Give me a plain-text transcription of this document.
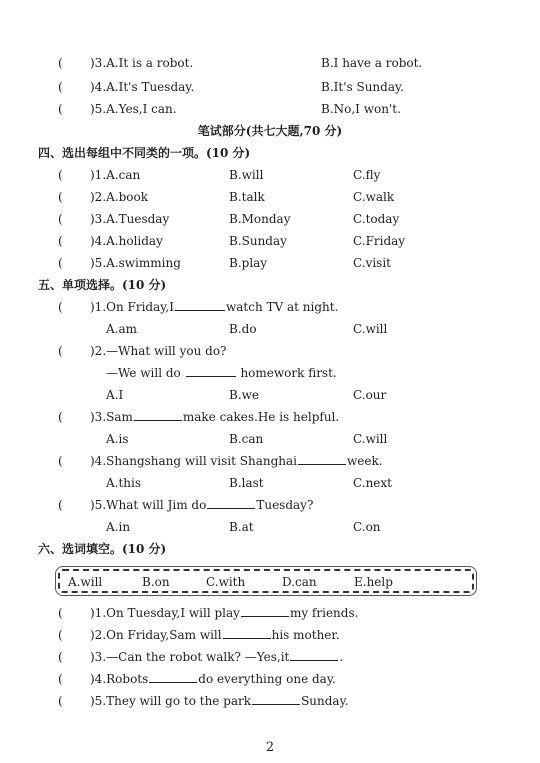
( )3.A.It is a robot.	B.I have a robot.
( )4.A.It's Tuesday.	B.It's Sunday.
( )5.A.Yes,I can.	B.No,I won't.
笔试部分(共七大题,70 分)
四、选出每组中不同类的一项。(10 分)
( )1.A.can	B.will	C.fly
( )2.A.book	B.talk	C.walk
( )3.A.Tuesday	B.Monday	C.today
( )4.A.holiday	B.Sunday	C.Friday
( )5.A.swimming	B.play	C.visit
五、单项选择。(10 分)
( )1.On Friday,I	watch TV at night.
A.am	B.do	C.will
( )2.—What will you do?
—We will do	homework first.
A.I	B.we	C.our
( )3.Sam	make cakes.He is helpful.
A.is	B.can	C.will
( )4.Shangshang will visit Shanghai	week.
A.this	B.last	C.next
( )5.What will Jim do	Tuesday?
A.in	B.at	C.on
六、选词填空。(10 分)
A.will	B.on	C.with	D.can	E.help
( )1.On Tuesday,I will play	my friends.
( )2.On Friday,Sam will	his mother.
( )3.—Can the robot walk? —Yes,it	.
( )4.Robots	do everything one day.
( )5.They will go to the park	Sunday.
2
